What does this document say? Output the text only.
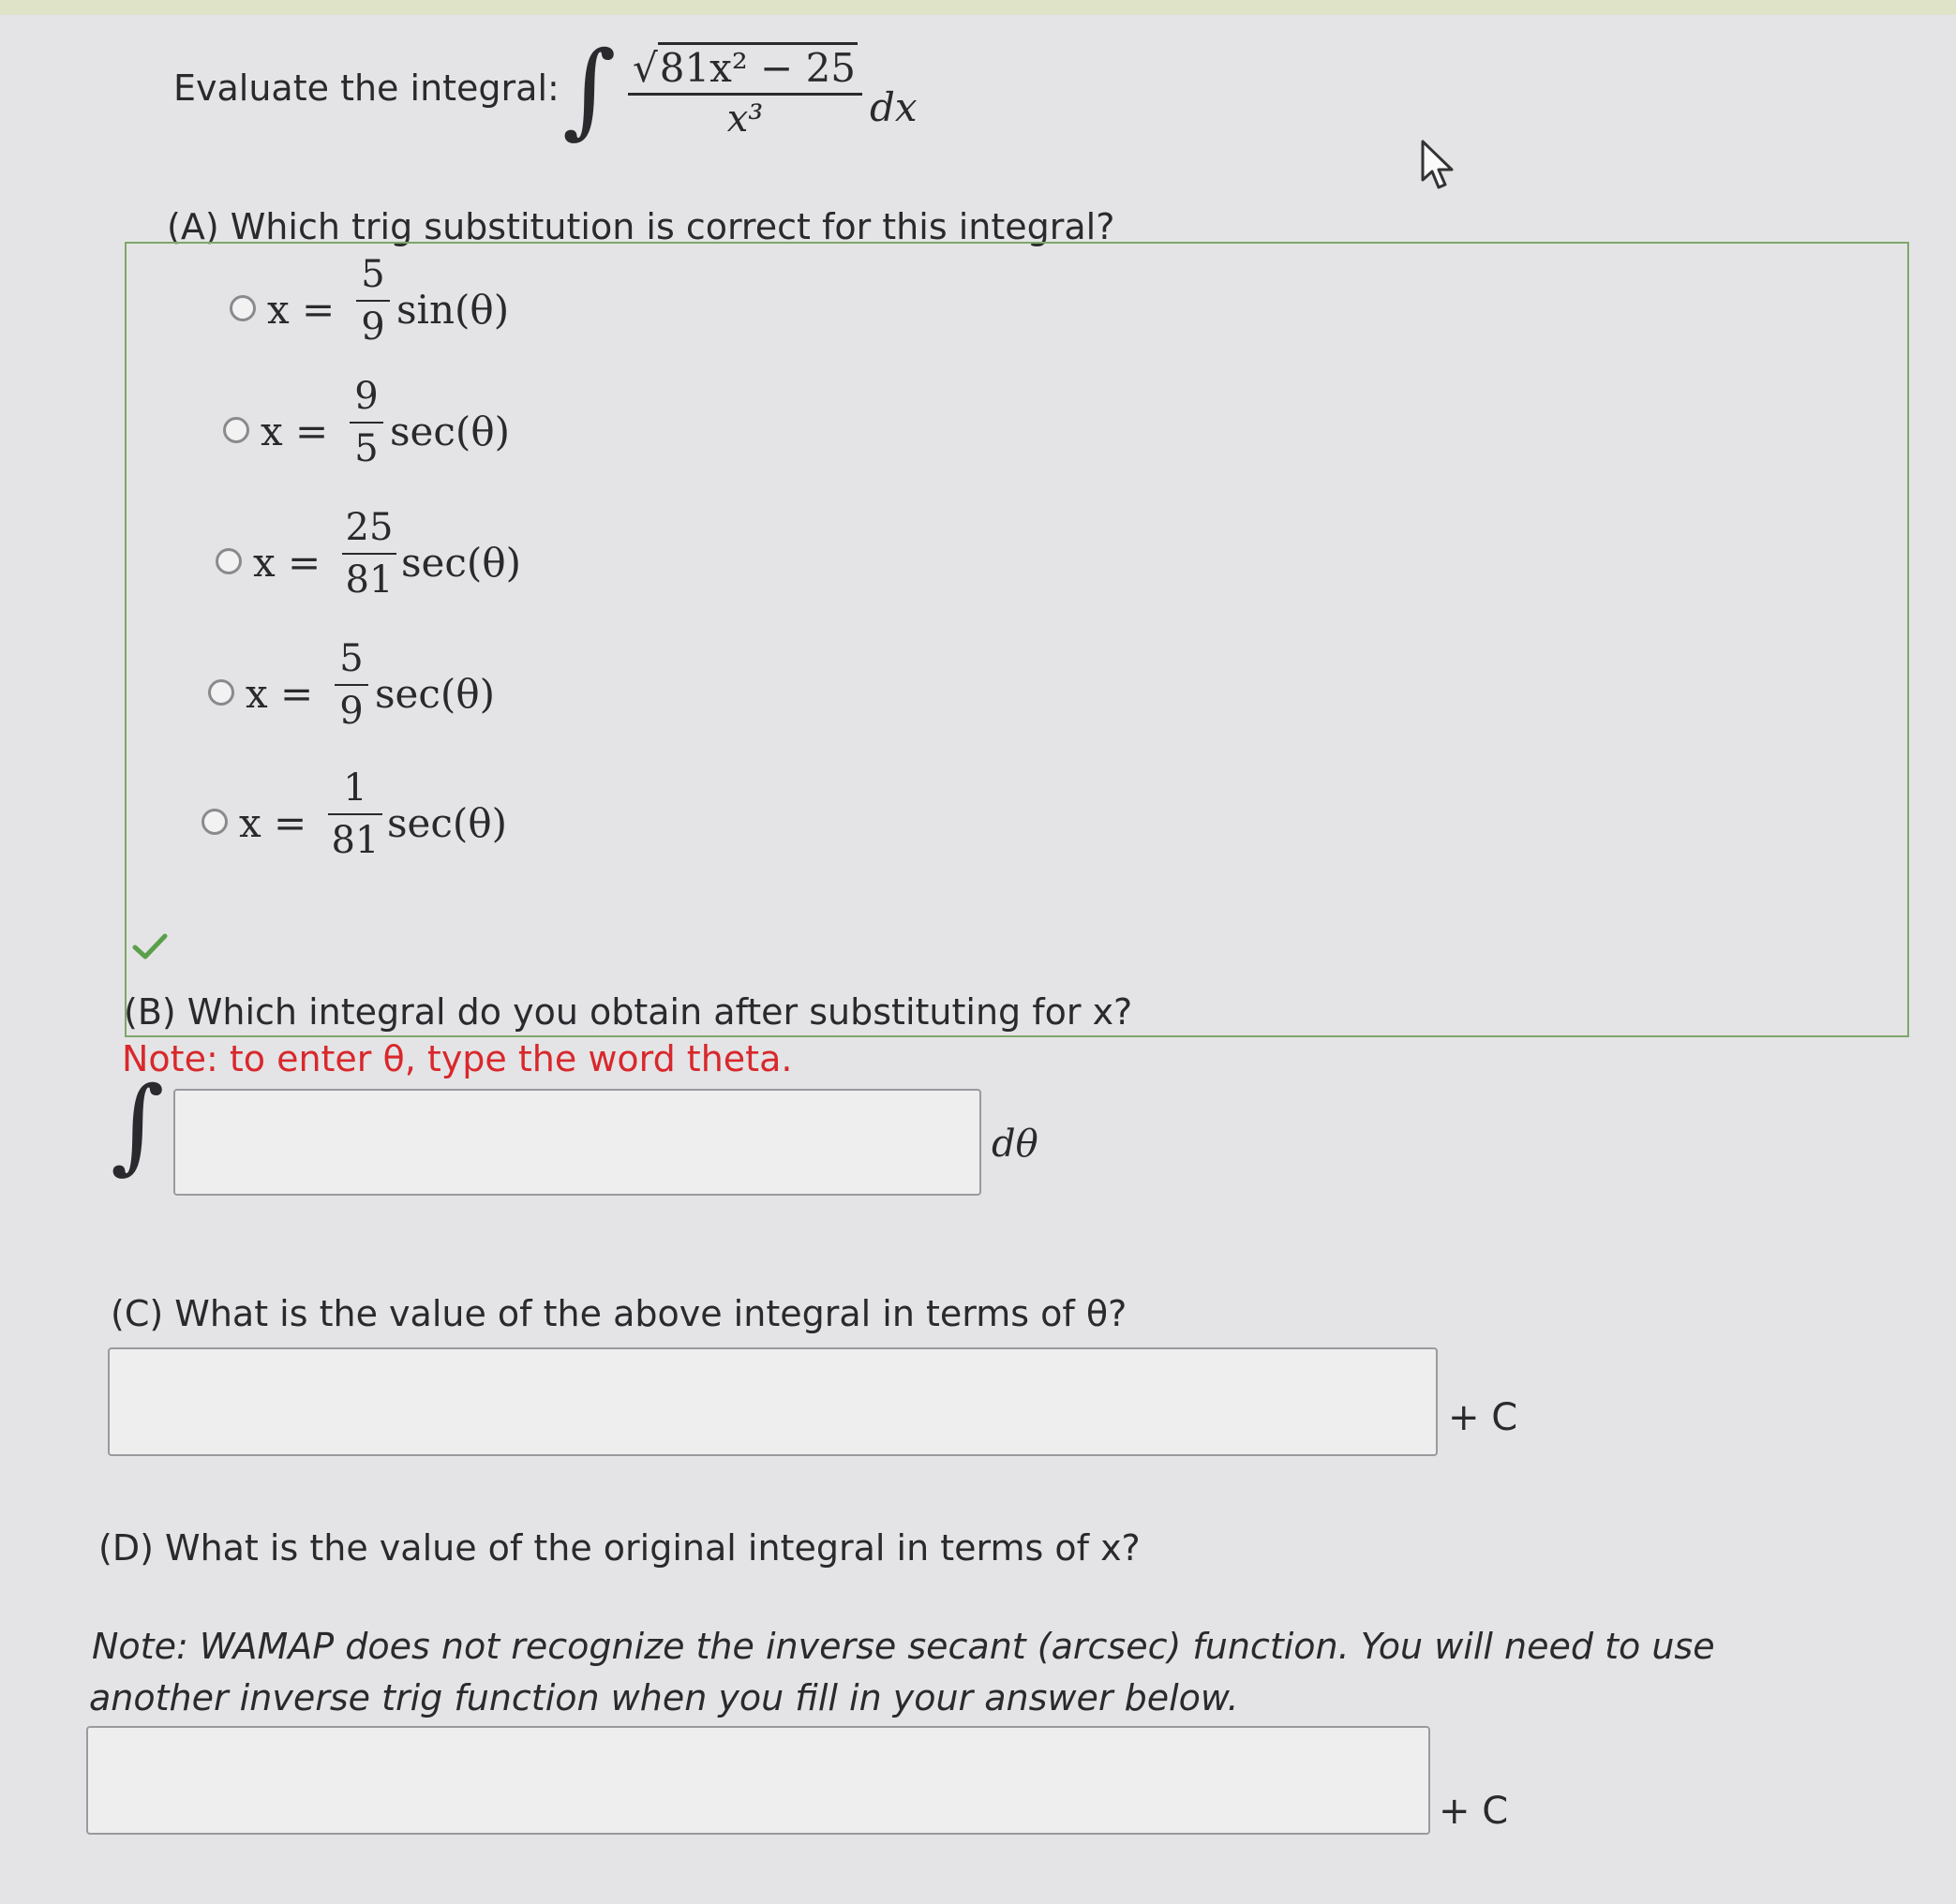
Evaluate the integral: ∫ √81x² − 25
x³	dx
(A) Which trig substitution is correct for this integral?
x =
5
9 sin(θ)
x =
9
5 sec(θ)
x =
25
81 sec(θ)
x =
5
9 sec(θ)
x =
1
81 sec(θ)
(B) Which integral do you obtain after substituting for x?
Note: to enter θ, type the word theta.
∫	dθ
(C) What is the value of the above integral in terms of θ?
+ C
(D) What is the value of the original integral in terms of x?
Note: WAMAP does not recognize the inverse secant (arcsec) function. You will need to use
another inverse trig function when you fill in your answer below.
+ C
